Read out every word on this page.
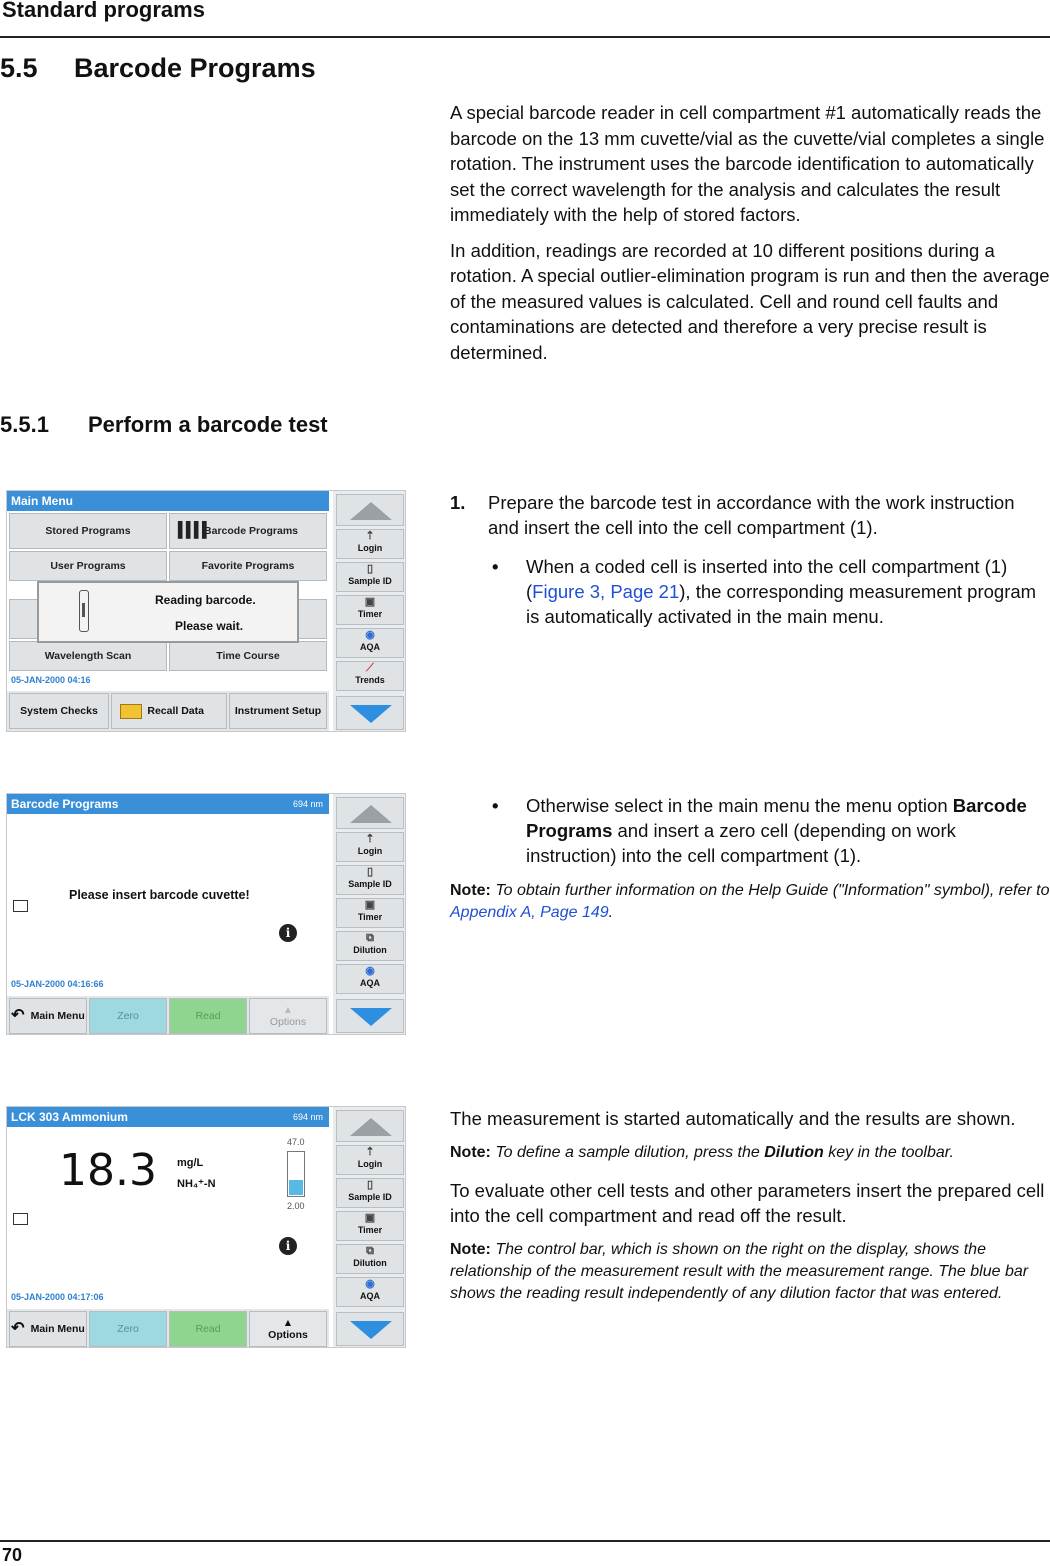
Standard programs
5.5 Barcode Programs

A special barcode reader in cell compartment #1 automatically reads the barcode on the 13 mm cuvette/vial as the cuvette/vial completes a single rotation. The instrument uses the barcode identification to automatically set the correct wavelength for the analysis and calculates the result immediately with the help of stored factors.

In addition, readings are recorded at 10 different positions during a rotation. A special outlier-elimination program is run and then the average of the measured values is calculated. Cell and round cell faults and contaminations are detected and therefore a very precise result is determined.

5.5.1 Perform a barcode test
Main Menu
Stored Programs	▌▌▌▌
Barcode Programs
User Programs	Favorite Programs
Wavelength Scan	Time Course
05-JAN-2000 04:16
System Checks	Recall Data	Instrument Setup
Reading barcode.
Please wait.
⇡
Login
▯
Sample ID
▣
Timer
◉
AQA
⟋
Trends
1. Prepare the barcode test in accordance with the work instruction and insert the cell into the cell compartment (1).
• When a coded cell is inserted into the cell compartment (1) (Figure 3, Page 21), the corresponding measurement program is automatically activated in the main menu.
Barcode Programs	694 nm
Please insert barcode cuvette!
i
05-JAN-2000 04:16:66
↶ Main Menu	Zero	Read	▲
Options
⇡
Login
▯
Sample ID
▣
Timer
⧉
Dilution
◉
AQA
• Otherwise select in the main menu the menu option Barcode Programs and insert a zero cell (depending on work instruction) into the cell compartment (1).
Note: To obtain further information on the Help Guide ("Information" symbol), refer to Appendix A, Page 149.
LCK 303 Ammonium	694 nm
18.3 mg/L
NH₄⁺-N
47.0
2.00
i
05-JAN-2000 04:17:06
↶ Main Menu	Zero	Read	▲
Options
⇡
Login
▯
Sample ID
▣
Timer
⧉
Dilution
◉
AQA

The measurement is started automatically and the results are shown.

Note: To define a sample dilution, press the Dilution key in the toolbar.

To evaluate other cell tests and other parameters insert the prepared cell into the cell compartment and read off the result.

Note: The control bar, which is shown on the right on the display, shows the relationship of the measurement result with the measurement range. The blue bar shows the reading result independently of any dilution factor that was entered.

70
